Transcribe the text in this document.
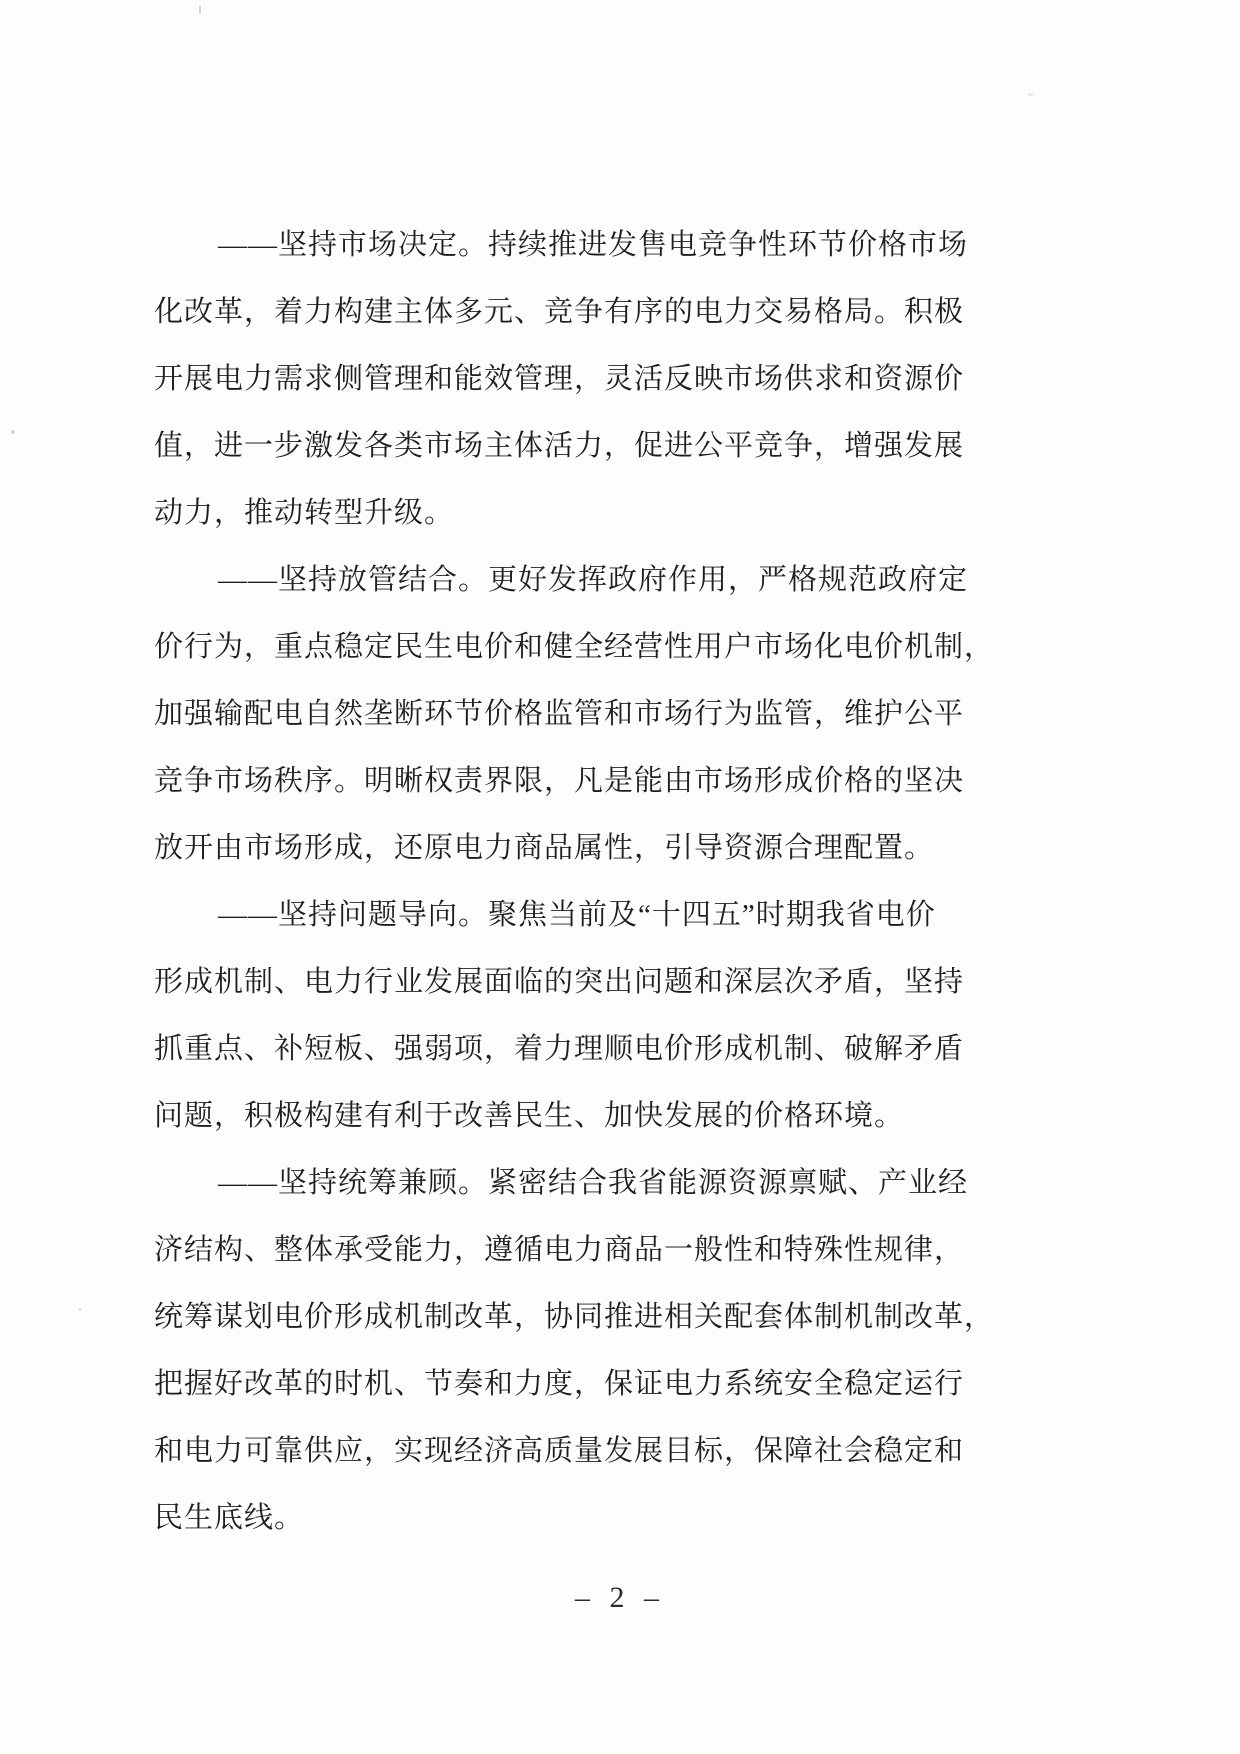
——坚持市场决定。持续推进发售电竞争性环节价格市场
化改革，着力构建主体多元、竞争有序的电力交易格局。积极
开展电力需求侧管理和能效管理，灵活反映市场供求和资源价
值，进一步激发各类市场主体活力，促进公平竞争，增强发展
动力，推动转型升级。
——坚持放管结合。更好发挥政府作用，严格规范政府定
价行为，重点稳定民生电价和健全经营性用户市场化电价机制，
加强输配电自然垄断环节价格监管和市场行为监管，维护公平
竞争市场秩序。明晰权责界限，凡是能由市场形成价格的坚决
放开由市场形成，还原电力商品属性，引导资源合理配置。
——坚持问题导向。聚焦当前及“十四五”时期我省电价
形成机制、电力行业发展面临的突出问题和深层次矛盾，坚持
抓重点、补短板、强弱项，着力理顺电价形成机制、破解矛盾
问题，积极构建有利于改善民生、加快发展的价格环境。
——坚持统筹兼顾。紧密结合我省能源资源禀赋、产业经
济结构、整体承受能力，遵循电力商品一般性和特殊性规律，
统筹谋划电价形成机制改革，协同推进相关配套体制机制改革，
把握好改革的时机、节奏和力度，保证电力系统安全稳定运行
和电力可靠供应，实现经济高质量发展目标，保障社会稳定和
民生底线。
– 2 –
